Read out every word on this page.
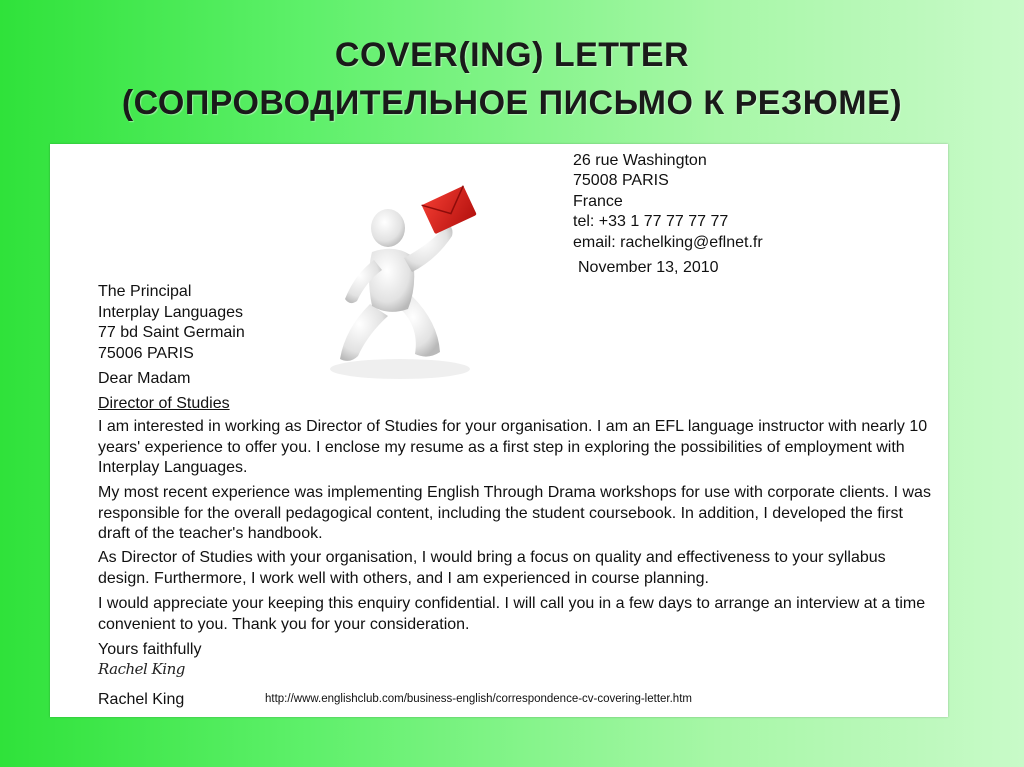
COVER(ING) LETTER
(СОПРОВОДИТЕЛЬНОЕ ПИСЬМО К РЕЗЮМЕ)
26 rue Washington
75008 PARIS
France
tel: +33 1 77 77 77 77
email: rachelking@eflnet.fr
November 13, 2010
The Principal
Interplay Languages
77 bd Saint Germain
75006 PARIS
Dear Madam
Director of Studies
I am interested in working as Director of Studies for your organisation. I am an EFL language instructor with nearly 10 years' experience to offer you. I enclose my resume as a first step in exploring the possibilities of employment with Interplay Languages.
My most recent experience was implementing English Through Drama workshops for use with corporate clients. I was responsible for the overall pedagogical content, including the student coursebook. In addition, I developed the first draft of the teacher's handbook.
As Director of Studies with your organisation, I would bring a focus on quality and effectiveness to your syllabus design. Furthermore, I work well with others, and I am experienced in course planning.
I would appreciate your keeping this enquiry confidential. I will call you in a few days to arrange an interview at a time convenient to you. Thank you for your consideration.
Yours faithfully
Rachel King
Rachel King	http://www.englishclub.com/business-english/correspondence-cv-covering-letter.htm
